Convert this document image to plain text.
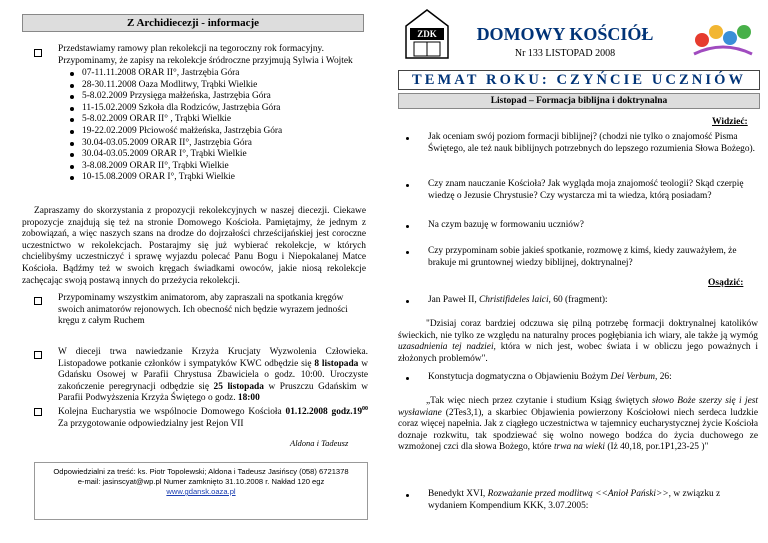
Z Archidiecezji - informacje
Przedstawiamy ramowy plan rekolekcji na tegoroczny rok formacyjny. Przypominamy, że zapisy na rekolekcje śródroczne przyjmują Sylwia i Wojtek
07-11.11.2008 ORAR II°, Jastrzębia Góra
28-30.11.2008 Oaza Modlitwy, Trąbki Wielkie
5-8.02.2009 Przysięga małżeńska, Jastrzębia Góra
11-15.02.2009 Szkoła dla Rodziców, Jastrzębia Góra
5-8.02.2009 ORAR II° , Trąbki Wielkie
19-22.02.2009 Płciowość małżeńska, Jastrzębia Góra
30.04-03.05.2009 ORAR II°, Jastrzębia Góra
30.04-03.05.2009 ORAR I°, Trąbki Wielkie
3-8.08.2009 ORAR II°, Trąbki Wielkie
10-15.08.2009 ORAR I°, Trąbki Wielkie
Zapraszamy do skorzystania z propozycji rekolekcyjnych w naszej diecezji. Ciekawe propozycje znajdują się też na stronie Domowego Kościoła. Pamiętajmy, że jednym z zobowiązań, a więc naszych szans na drodze do dojrzałości chrześcijańskiej jest coroczne uczestnictwo w rekolekcjach. Postarajmy się już wybierać rekolekcje, w których chcielibyśmy uczestniczyć i sprawę wyjazdu polecać Panu Bogu i Niepokalanej Matce Kościoła. Bądźmy też w swoich kręgach świadkami owoców, jakie niosą rekolekcje zachęcając swoją postawą innych do przeżycia rekolekcji.
Przypominamy wszystkim animatorom, aby zapraszali na spotkania kręgów swoich animatorów rejonowych. Ich obecność nich będzie wyrazem jedności kręgu z całym Ruchem
W dieceji trwa nawiedzanie Krzyża Krucjaty Wyzwolenia Człowieka. Listopadowe potkanie członków i sympatyków KWC odbędzie się 8 listopada w Gdańsku Osowej w Parafii Chrystusa Zbawiciela o godz. 10:00. Uroczyste zakończenie peregrynacji odbędzie się 25 listopada w Pruszczu Gdańskim w Parafii Podwyższenia Krzyża Świętego o godz. 18:00
Kolejna Eucharystia we wspólnocie Domowego Kościoła 01.12.2008 $godz.19^{00}$ Za przygotowanie odpowiedzialny jest Rejon VII
Aldona i Tadeusz
Odpowiedzialni za treść: ks. Piotr Topolewski; Aldona i Tadeusz Jasińscy (058) 6721378
e-mail: jasinscyat@wp.pl Numer zamknięto 31.10.2008 r. Nakład 120 egz
www.gdansk.oaza.pl
ZDK	DOMOWY KOŚCIÓŁ
Nr 133 LISTOPAD 2008
TEMAT ROKU: CZYŃCIE UCZNIÓW
Listopad – Formacja biblijna i doktrynalna
Widzieć:
Jak oceniam swój poziom formacji biblijnej? (chodzi nie tylko o znajomość Pisma Świętego, ale też nauk biblijnych potrzebnych do lepszego rozumienia Słowa Bożego).
Czy znam nauczanie Kościoła? Jak wygląda moja znajomość teologii? Skąd czerpię wiedzę o Jezusie Chrystusie? Czy wystarcza mi ta wiedza, którą posiadam?
Na czym bazuję w formowaniu uczniów?
Czy przypominam sobie jakieś spotkanie, rozmowę z kimś, kiedy zauważyłem, że brakuje mi gruntownej wiedzy biblijnej, doktrynalnej?
Osądzić:
Jan Paweł II, Christifideles laici, 60 (fragment):
"Dzisiaj coraz bardziej odczuwa się pilną potrzebę formacji doktrynalnej katolików świeckich, nie tylko ze względu na naturalny proces pogłębiania ich wiary, ale także ją wymóg uzasadnienia tej nadziei, która w nich jest, wobec świata i w obliczu jego poważnych i złożonych problemów".
Konstytucja dogmatyczna o Objawieniu Bożym Dei Verbum, 26:
„Tak więc niech przez czytanie i studium Ksiąg świętych słowo Boże szerzy się i jest wysławiane (2Tes3,1), a skarbiec Objawienia powierzony Kościołowi niech serdeca ludzkie coraz więcej napełnia. Jak z ciągłego uczestnictwa w tajemnicy eucharystycznej życie Kościoła doznaje rozkwitu, tak spodziewać się wolno nowego bodźca do życia duchowego ze wzmożonej czci dla słowa Bożego, które trwa na wieki (Iż 40,18, por.1P1,23-25 )"
Benedykt XVI, Rozważanie przed modlitwą <<Anioł Pański>>, w związku z wydaniem Kompendium KKK, 3.07.2005:
